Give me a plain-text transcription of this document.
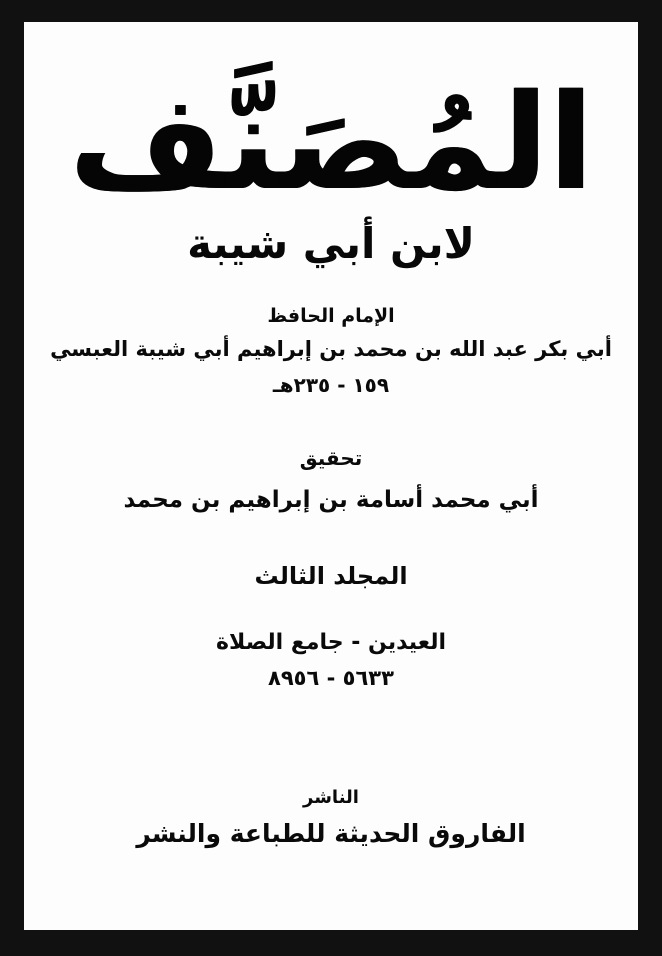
المُصَنَّف
لابن أبي شيبة
الإمام الحافظ
أبي بكر عبد الله بن محمد بن إبراهيم أبي شيبة العبسي
١٥٩ - ٢٣٥هـ
تحقيق
أبي محمد أسامة بن إبراهيم بن محمد
المجلد الثالث
العيدين - جامع الصلاة
٥٦٣٣ - ٨٩٥٦
الناشر
الفاروق الحديثة للطباعة والنشر
